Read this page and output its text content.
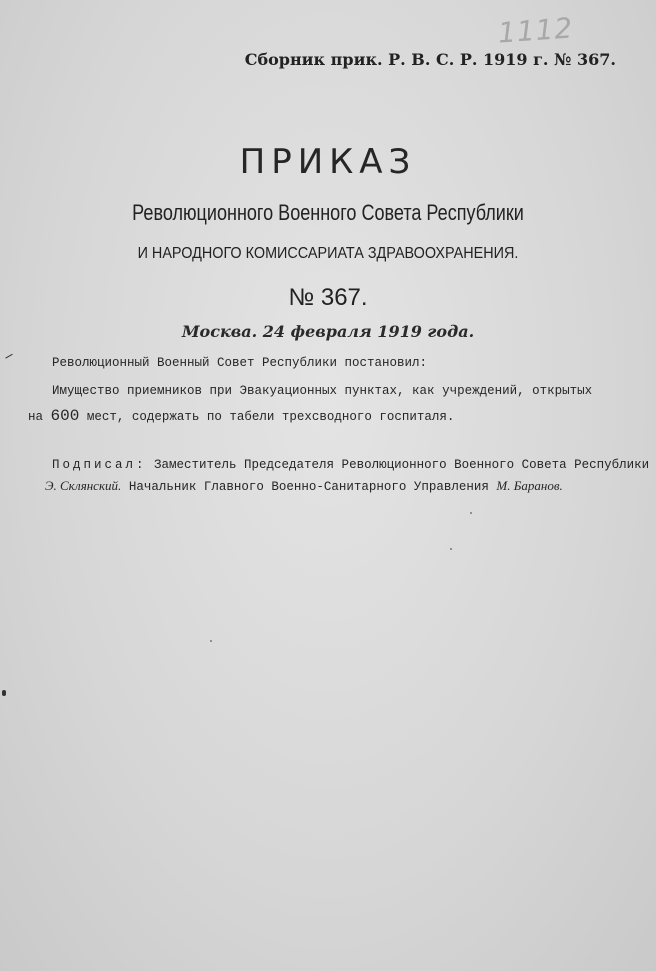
1112
Сборник прик. Р. В. С. Р. 1919 г. № 367.
ПРИКАЗ
Революционного Военного Совета Республики
И НАРОДНОГО КОМИССАРИАТА ЗДРАВООХРАНЕНИЯ.
№ 367.
Москва. 24 февраля 1919 года.
Революционный Военный Совет Республики постановил:
Имущество приемников при Эвакуационных пунктах, как учреждений, открытых
на 600 мест, содержать по табели трехсводного госпиталя.
Подписал: Заместитель Председателя Революционного Военного Совета Республики
Э. Склянский. Начальник Главного Военно-Санитарного Управления М. Баранов.
